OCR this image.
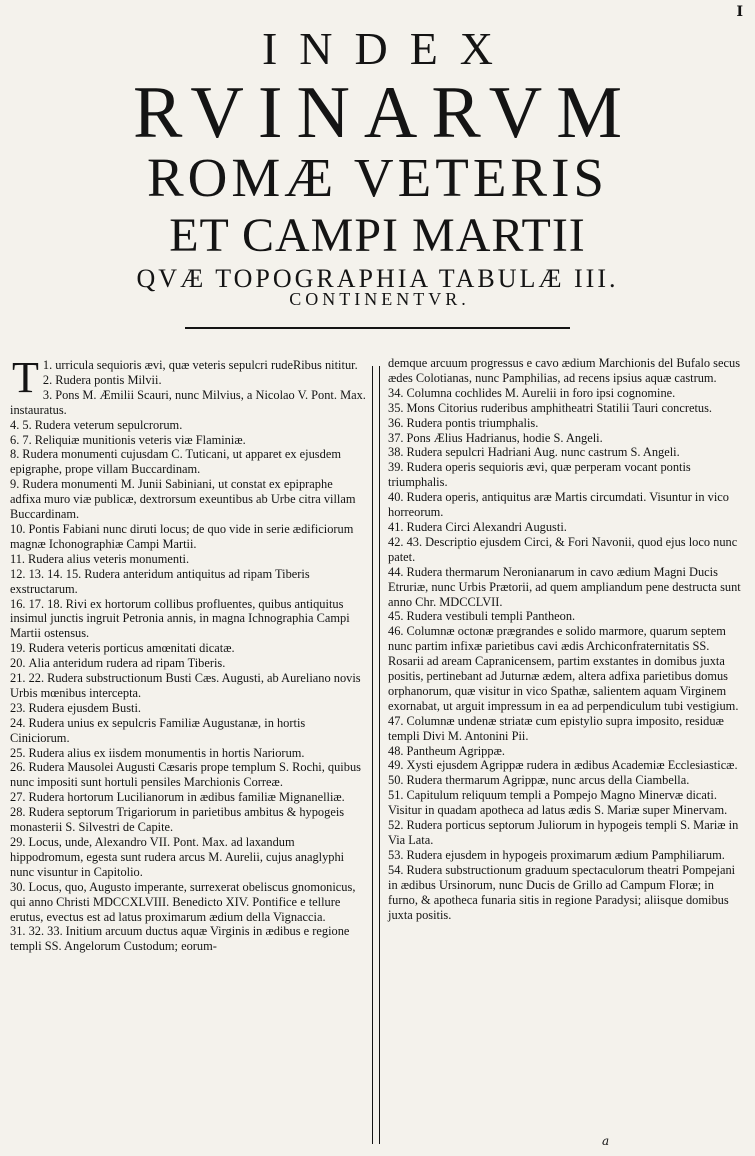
I
INDEX
RVINARVM
ROMÆ VETERIS
ET CAMPI MARTII
QVÆ TOPOGRAPHIA TABULÆ III.
CONTINENTVR.

1.
T urricula sequioris ævi, quæ veteris sepulcri rudeRibus nititur.

2. Rudera pontis Milvii.

3. Pons M. Æmilii Scauri, nunc Milvius, a Nicolao V. Pont. Max. instauratus.

4. 5. Rudera veterum sepulcrorum.

6. 7. Reliquiæ munitionis veteris viæ Flaminiæ.

8. Rudera monumenti cujusdam C. Tuticani, ut apparet ex ejusdem epigraphe, prope villam Buccardinam.

9. Rudera monumenti M. Junii Sabiniani, ut constat ex epipraphe adfixa muro viæ publicæ, dextrorsum exeuntibus ab Urbe citra villam Buccardinam.

10. Pontis Fabiani nunc diruti locus; de quo vide in serie ædificiorum magnæ Ichonographiæ Campi Martii.

11. Rudera alius veteris monumenti.

12. 13. 14. 15. Rudera anteridum antiquitus ad ripam Tiberis exstructarum.

16. 17. 18. Rivi ex hortorum collibus profluentes, quibus antiquitus insimul junctis ingruit Petronia annis, in magna Ichnographia Campi Martii ostensus.

19. Rudera veteris porticus amœnitati dicatæ.

20. Alia anteridum rudera ad ripam Tiberis.

21. 22. Rudera substructionum Busti Cæs. Augusti, ab Aureliano novis Urbis mœnibus intercepta.

23. Rudera ejusdem Busti.

24. Rudera unius ex sepulcris Familiæ Augustanæ, in hortis Ciniciorum.

25. Rudera alius ex iisdem monumentis in hortis Nariorum.

26. Rudera Mausolei Augusti Cæsaris prope templum S. Rochi, quibus nunc impositi sunt hortuli pensiles Marchionis Correæ.

27. Rudera hortorum Lucilianorum in ædibus familiæ Mignanelliæ.

28. Rudera septorum Trigariorum in parietibus ambitus & hypogeis monasterii S. Silvestri de Capite.

29. Locus, unde, Alexandro VII. Pont. Max. ad laxandum hippodromum, egesta sunt rudera arcus M. Aurelii, cujus anaglyphi nunc visuntur in Capitolio.

30. Locus, quo, Augusto imperante, surrexerat obeliscus gnomonicus, qui anno Christi MDCCXLVIII. Benedicto XIV. Pontifice e tellure erutus, evectus est ad latus proximarum ædium della Vignaccia.

31. 32. 33. Initium arcuum ductus aquæ Virginis in ædibus e regione templi SS. Angelorum Custodum; eorum-

demque arcuum progressus e cavo ædium Marchionis del Bufalo secus ædes Colotianas, nunc Pamphilias, ad recens ipsius aquæ castrum.

34. Columna cochlides M. Aurelii in foro ipsi cognomine.

35. Mons Citorius ruderibus amphitheatri Statilii Tauri concretus.

36. Rudera pontis triumphalis.

37. Pons Ælius Hadrianus, hodie S. Angeli.

38. Rudera sepulcri Hadriani Aug. nunc castrum S. Angeli.

39. Rudera operis sequioris ævi, quæ perperam vocant pontis triumphalis.

40. Rudera operis, antiquitus aræ Martis circumdati. Visuntur in vico horreorum.

41. Rudera Circi Alexandri Augusti.

42. 43. Descriptio ejusdem Circi, & Fori Navonii, quod ejus loco nunc patet.

44. Rudera thermarum Neronianarum in cavo ædium Magni Ducis Etruriæ, nunc Urbis Prætorii, ad quem ampliandum pene destructa sunt anno Chr. MDCCLVII.

45. Rudera vestibuli templi Pantheon.

46. Columnæ octonæ prægrandes e solido marmore, quarum septem nunc partim infixæ parietibus cavi ædis Archiconfraternitatis SS. Rosarii ad aream Capranicensem, partim exstantes in domibus juxta positis, pertinebant ad Juturnæ ædem, altera adfixa parietibus domus orphanorum, quæ visitur in vico Spathæ, salientem aquam Virginem exornabat, ut arguit impressum in ea ad perpendiculum tubi vestigium.

47. Columnæ undenæ striatæ cum epistylio supra imposito, residuæ templi Divi M. Antonini Pii.

48. Pantheum Agrippæ.

49. Xysti ejusdem Agrippæ rudera in ædibus Academiæ Ecclesiasticæ.

50. Rudera thermarum Agrippæ, nunc arcus della Ciambella.

51. Capitulum reliquum templi a Pompejo Magno Minervæ dicati. Visitur in quadam apotheca ad latus ædis S. Mariæ super Minervam.

52. Rudera porticus septorum Juliorum in hypogeis templi S. Mariæ in Via Lata.

53. Rudera ejusdem in hypogeis proximarum ædium Pamphiliarum.

54. Rudera substructionum graduum spectaculorum theatri Pompejani in ædibus Ursinorum, nunc Ducis de Grillo ad Campum Floræ; in furno, & apotheca funaria sitis in regione Paradysi; aliisque domibus juxta positis.

a
